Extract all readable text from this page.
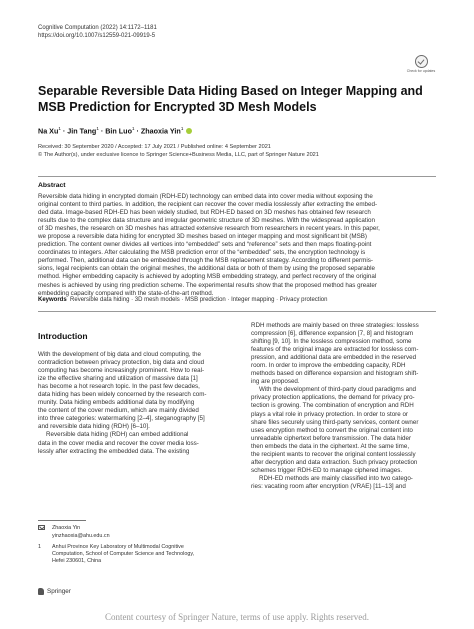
Cognitive Computation (2022) 14:1172–1181
https://doi.org/10.1007/s12559-021-09919-5
Check for updates
Separable Reversible Data Hiding Based on Integer Mapping and MSB Prediction for Encrypted 3D Mesh Models
Na $Xu^1$ · Jin Tang$^1$ · Bin Luo$^1$ · Zhaoxia Yin$^1$
Received: 30 September 2020 / Accepted: 17 July 2021 / Published online: 4 September 2021
© The Author(s), under exclusive licence to Springer Science+Business Media, LLC, part of Springer Nature 2021
Abstract
Reversible data hiding in encrypted domain (RDH-ED) technology can embed data into cover media without exposing the
original content to third parties. In addition, the recipient can recover the cover media losslessly after extracting the embed-
ded data. Image-based RDH-ED has been widely studied, but RDH-ED based on 3D meshes has obtained few research
results due to the complex data structure and irregular geometric structure of 3D meshes. With the widespread application
of 3D meshes, the research on 3D meshes has attracted extensive research from researchers in recent years. In this paper,
we propose a reversible data hiding for encrypted 3D meshes based on integer mapping and most significant bit (MSB)
prediction. The content owner divides all vertices into “embedded” sets and “reference” sets and then maps floating-point
coordinates to integers. After calculating the MSB prediction error of the “embedded” sets, the encryption technology is
performed. Then, additional data can be embedded through the MSB replacement strategy. According to different permis-
sions, legal recipients can obtain the original meshes, the additional data or both of them by using the proposed separable
method. Higher embedding capacity is achieved by adopting MSB embedding strategy, and perfect recovery of the original
meshes is achieved by using ring prediction scheme. The experimental results show that the proposed method has greater
embedding capacity compared with the state-of-the-art method.
Keywords Reversible data hiding · 3D mesh models · MSB prediction · Integer mapping · Privacy protection
Introduction

With the development of big data and cloud computing, the
contradiction between privacy protection, big data and cloud
computing has become increasingly prominent. How to real-
ize the effective sharing and utilization of massive data [1]
has become a hot research topic. In the past few decades,
data hiding has been widely concerned by the research com-
munity. Data hiding embeds additional data by modifying
the content of the cover medium, which are mainly divided
into three categories: watermarking [2–4], steganography [5]
and reversible data hiding (RDH) [6–10].

Reversible data hiding (RDH) can embed additional
data in the cover media and recover the cover media loss-
lessly after extracting the embedded data. The existing

RDH methods are mainly based on three strategies: lossless
compression [6], difference expansion [7, 8] and histogram
shifting [9, 10]. In the lossless compression method, some
features of the original image are extracted for lossless com-
pression, and additional data are embedded in the reserved
room. In order to improve the embedding capacity, RDH
methods based on difference expansion and histogram shift-
ing are proposed.

With the development of third-party cloud paradigms and
privacy protection applications, the demand for privacy pro-
tection is growing. The combination of encryption and RDH
plays a vital role in privacy protection. In order to store or
share files securely using third-party services, content owner
uses encryption method to convert the original content into
unreadable ciphertext before transmission. The data hider
then embeds the data in the ciphertext. At the same time,
the recipient wants to recover the original content losslessly
after decryption and data extraction. Such privacy protection
schemes trigger RDH-ED to manage ciphered images.

RDH-ED methods are mainly classified into two catego-
ries: vacating room after encryption (VRAE) [11–13] and

Zhaoxia Yin
yinzhaoxia@ahu.edu.cn
1	Anhui Province Key Laboratory of Multimodal Cognitive
Computation, School of Computer Science and Technology,
Hefei 230601, China
Springer
Content courtesy of Springer Nature, terms of use apply. Rights reserved.
